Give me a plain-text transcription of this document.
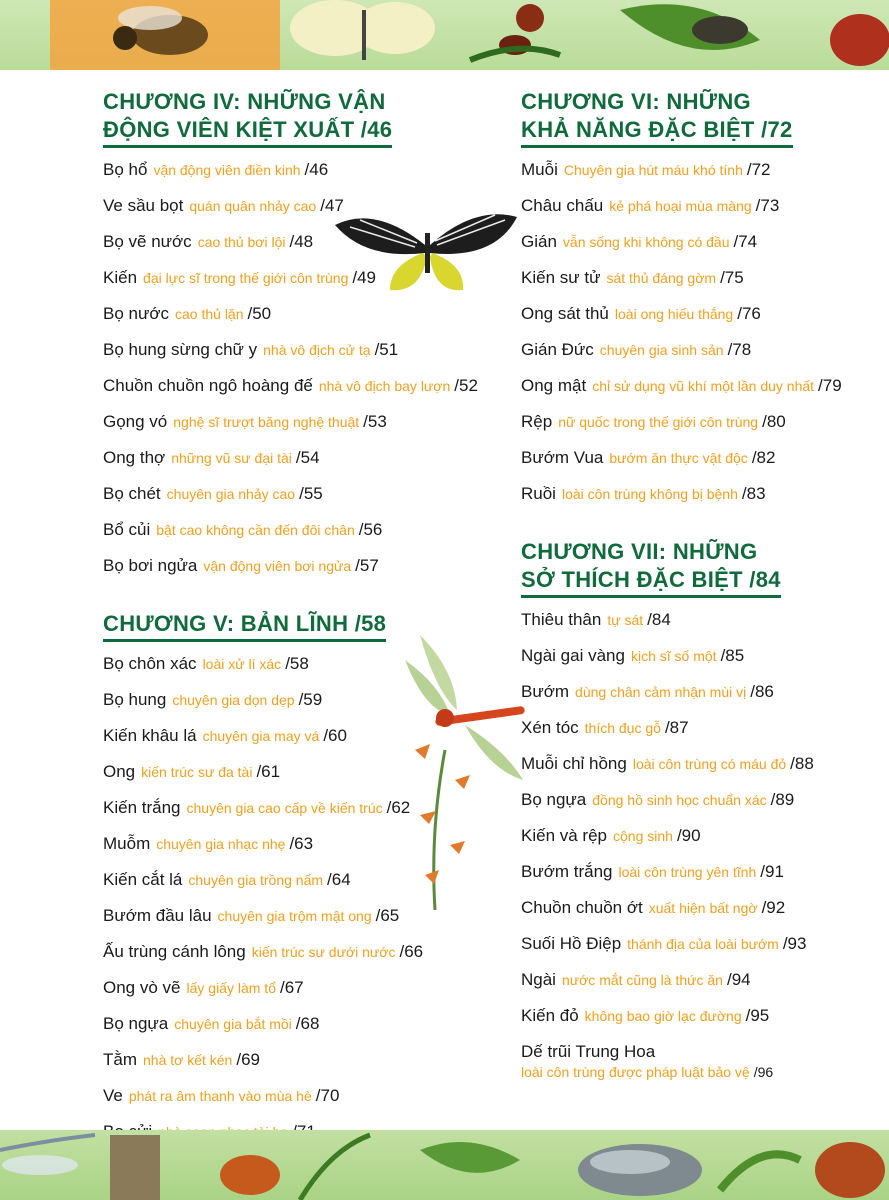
CHƯƠNG IV: NHỮNG VẬN
ĐỘNG VIÊN KIỆT XUẤT /46
Bọ hổ vận động viên điền kinh /46
Ve sầu bọt quán quân nhảy cao /47
Bọ vẽ nước cao thủ bơi lội /48
Kiến đại lực sĩ trong thế giới côn trùng /49
Bọ nước cao thủ lặn /50
Bọ hung sừng chữ y nhà vô địch cử tạ /51
Chuồn chuồn ngô hoàng đế nhà vô địch bay lượn /52
Gọng vó nghệ sĩ trượt băng nghệ thuật /53
Ong thợ những vũ sư đại tài /54
Bọ chét chuyên gia nhảy cao /55
Bổ củi bật cao không cần đến đôi chân /56
Bọ bơi ngửa vận động viên bơi ngửa /57
CHƯƠNG V: BẢN LĨNH /58
Bọ chôn xác loài xử lí xác /58
Bọ hung chuyên gia dọn dẹp /59
Kiến khâu lá chuyên gia may vá /60
Ong kiến trúc sư đa tài /61
Kiến trắng chuyên gia cao cấp về kiến trúc /62
Muỗm chuyên gia nhạc nhẹ /63
Kiến cắt lá chuyên gia trồng nấm /64
Bướm đầu lâu chuyên gia trộm mật ong /65
Ấu trùng cánh lông kiến trúc sư dưới nước /66
Ong vò vẽ lấy giấy làm tổ /67
Bọ ngựa chuyên gia bắt mồi /68
Tằm nhà tơ kết kén /69
Ve phát ra âm thanh vào mùa hè /70
CHƯƠNG VI: NHỮNG
KHẢ NĂNG ĐẶC BIỆT /72
Muỗi Chuyên gia hút máu khó tính /72
Châu chấu kẻ phá hoại mùa màng /73
Gián vẫn sống khi không có đầu /74
Kiến sư tử sát thủ đáng gờm /75
Ong sát thủ loài ong hiếu thắng /76
Gián Đức chuyên gia sinh sản /78
Ong mật chỉ sử dụng vũ khí một lần duy nhất /79
Rệp nữ quốc trong thế giới côn trùng /80
Bướm Vua bướm ăn thực vật độc /82
Ruồi loài côn trùng không bị bệnh /83
CHƯƠNG VII: NHỮNG
SỞ THÍCH ĐẶC BIỆT /84
Thiêu thân tự sát /84
Ngài gai vàng kịch sĩ số một /85
Bướm dùng chân cảm nhận mùi vị /86
Xén tóc thích đục gỗ /87
Muỗi chỉ hồng loài côn trùng có máu đỏ /88
Bọ ngựa đồng hồ sinh học chuẩn xác /89
Kiến và rệp cộng sinh /90
Bướm trắng loài côn trùng yên tĩnh /91
Chuồn chuồn ớt xuất hiện bất ngờ /92
Suối Hồ Điệp thánh địa của loài bướm /93
Ngài nước mắt cũng là thức ăn /94
Kiến đỏ không bao giờ lạc đường /95
Dế trũi Trung Hoa
loài côn trùng được pháp luật bảo vệ /96
